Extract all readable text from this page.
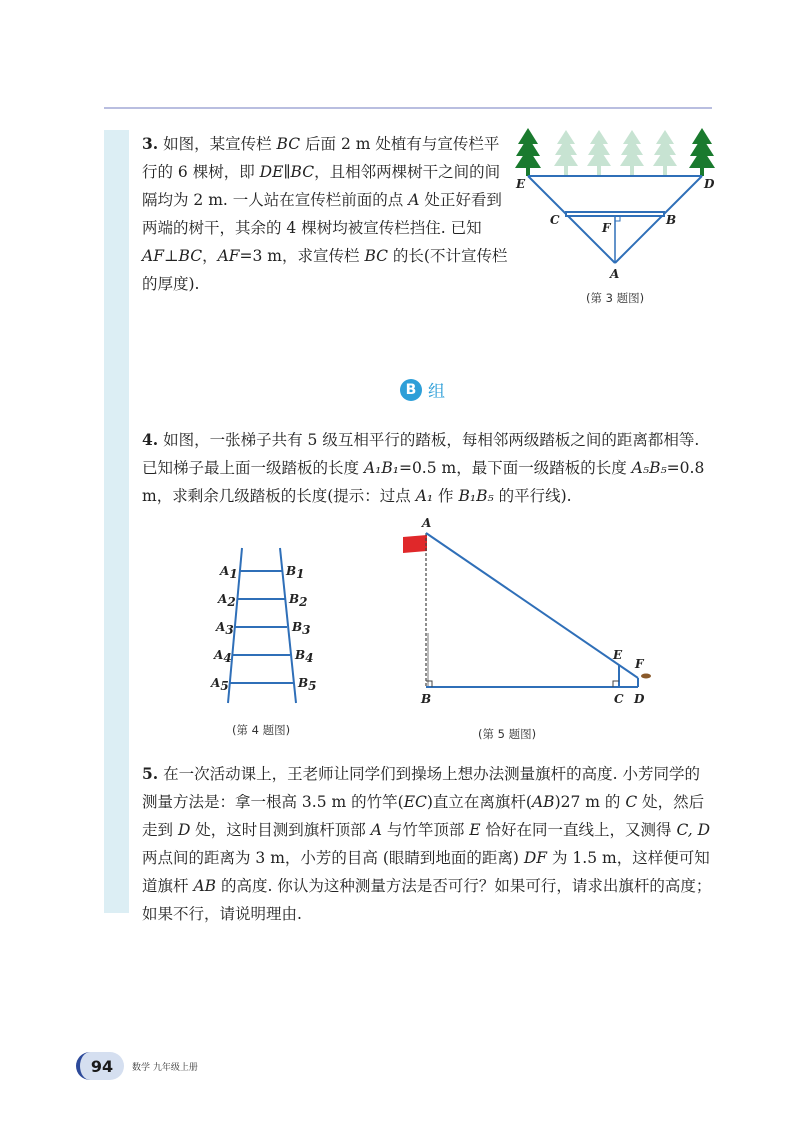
3. 如图，某宣传栏 BC 后面 2 m 处植有与宣传栏平行的 6 棵树，即 DE∥BC，且相邻两棵树干之间的间隔均为 2 m. 一人站在宣传栏前面的点 A 处正好看到两端的树干，其余的 4 棵树均被宣传栏挡住. 已知 AF⊥BC，AF=3 m，求宣传栏 BC 的长(不计宣传栏的厚度).

E	D
C	B
F
A
(第 3 题图)
B 组

4. 如图，一张梯子共有 5 级互相平行的踏板，每相邻两级踏板之间的距离都相等. 已知梯子最上面一级踏板的长度 A₁B₁=0.5 m，最下面一级踏板的长度 A₅B₅=0.8 m，求剩余几级踏板的长度(提示：过点 A₁ 作 B₁B₅ 的平行线).

A1
A2
A3
A4
A5
B1
B2
B3
B4
B5
(第 4 题图)
A
B	C D
E
F
(第 5 题图)

5. 在一次活动课上，王老师让同学们到操场上想办法测量旗杆的高度. 小芳同学的测量方法是：拿一根高 3.5 m 的竹竿(EC)直立在离旗杆(AB)27 m 的 C 处，然后走到 D 处，这时目测到旗杆顶部 A 与竹竿顶部 E 恰好在同一直线上，又测得 C, D 两点间的距离为 3 m，小芳的目高 (眼睛到地面的距离) DF 为 1.5 m，这样便可知道旗杆 AB 的高度. 你认为这种测量方法是否可行？如果可行，请求出旗杆的高度；如果不行，请说明理由.

94	数学 九年级上册
